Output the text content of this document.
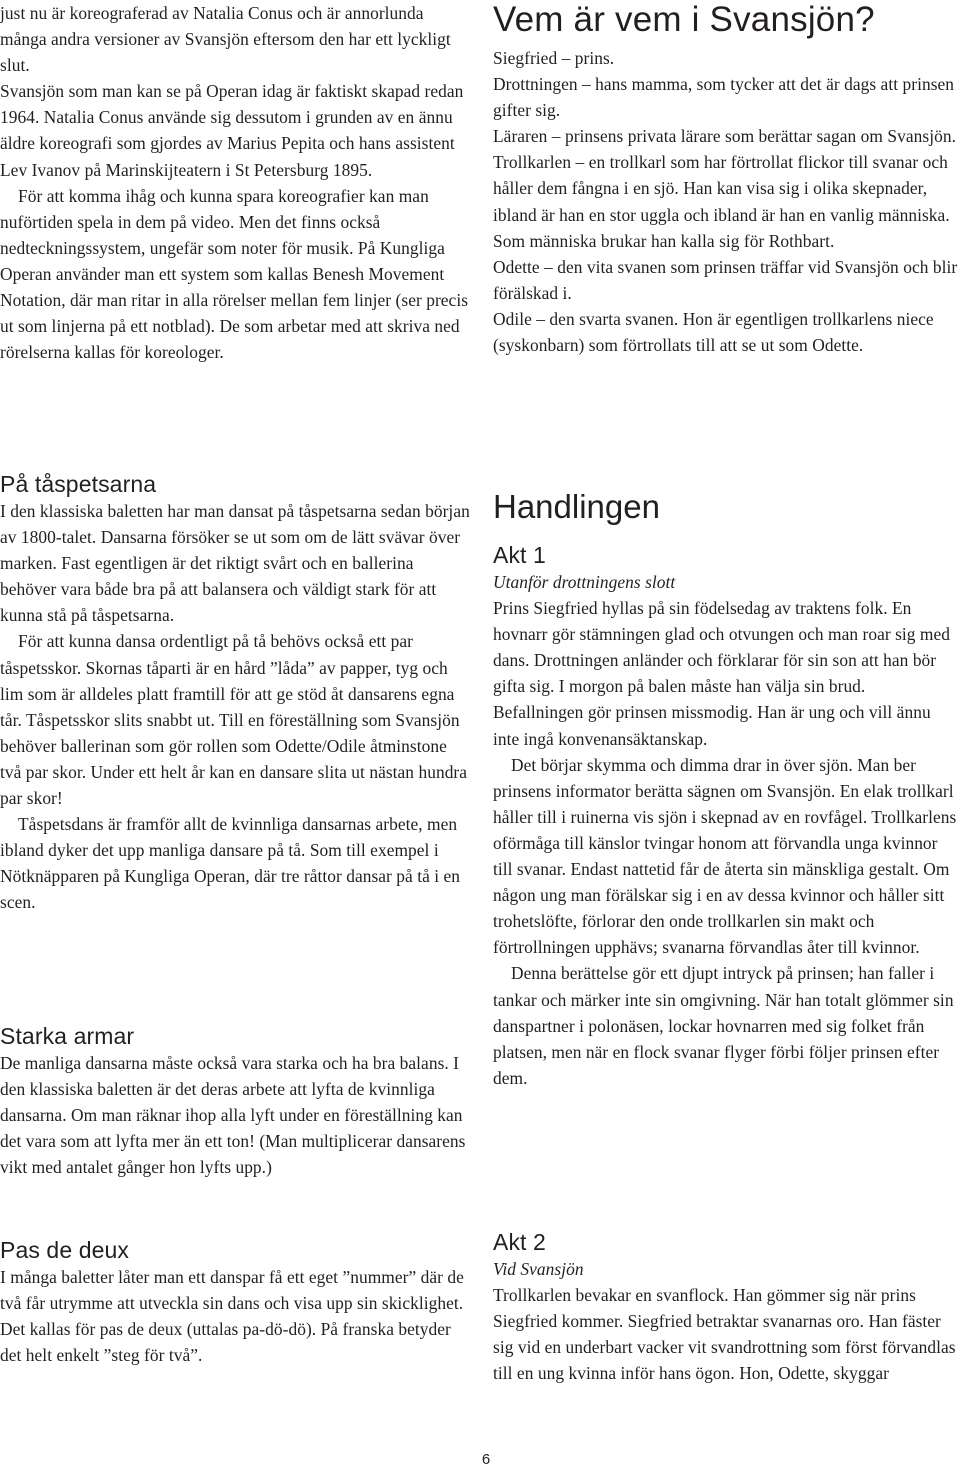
just nu är koreograferad av Natalia Conus och är annorlunda många andra versioner av Svansjön eftersom den har ett lyckligt slut.

Svansjön som man kan se på Operan idag är faktiskt skapad redan 1964. Natalia Conus använde sig dessutom i grunden av en ännu äldre koreografi som gjordes av Marius Pepita och hans assistent Lev Ivanov på Marinskijteatern i St Petersburg 1895.

För att komma ihåg och kunna spara koreografier kan man nuförtiden spela in dem på video. Men det finns också nedteckningssystem, ungefär som noter för musik. På Kungliga Operan använder man ett system som kallas Benesh Movement Notation, där man ritar in alla rörelser mellan fem linjer (ser precis ut som linjerna på ett notblad). De som arbetar med att skriva ned rörelserna kallas för koreologer.

På tåspetsarna

I den klassiska baletten har man dansat på tåspetsarna sedan början av 1800-talet. Dansarna försöker se ut som om de lätt svävar över marken. Fast egentligen är det riktigt svårt och en ballerina behöver vara både bra på att balansera och väldigt stark för att kunna stå på tåspetsarna.

För att kunna dansa ordentligt på tå behövs också ett par tåspetsskor. Skornas tåparti är en hård ”låda” av papper, tyg och lim som är alldeles platt framtill för att ge stöd åt dansarens egna tår. Tåspetsskor slits snabbt ut. Till en föreställning som Svansjön behöver ballerinan som gör rollen som Odette/Odile åtminstone två par skor. Under ett helt år kan en dansare slita ut nästan hundra par skor!

Tåspetsdans är framför allt de kvinnliga dansarnas arbete, men ibland dyker det upp manliga dansare på tå. Som till exempel i Nötknäpparen på Kungliga Operan, där tre råttor dansar på tå i en scen.

Starka armar

De manliga dansarna måste också vara starka och ha bra balans. I den klassiska baletten är det deras arbete att lyfta de kvinnliga dansarna. Om man räknar ihop alla lyft under en föreställning kan det vara som att lyfta mer än ett ton! (Man multiplicerar dansarens vikt med antalet gånger hon lyfts upp.)

Pas de deux

I många baletter låter man ett danspar få ett eget ”nummer” där de två får utrymme att utveckla sin dans och visa upp sin skicklighet. Det kallas för pas de deux (uttalas pa-dö-dö). På franska betyder det helt enkelt ”steg för två”.

Vem är vem i Svansjön?

Siegfried – prins.

Drottningen – hans mamma, som tycker att det är dags att prinsen gifter sig.

Läraren – prinsens privata lärare som berättar sagan om Svansjön.

Trollkarlen – en trollkarl som har förtrollat flickor till svanar och håller dem fångna i en sjö. Han kan visa sig i olika skepnader, ibland är han en stor uggla och ibland är han en vanlig människa. Som människa brukar han kalla sig för Rothbart.

Odette – den vita svanen som prinsen träffar vid Svansjön och blir förälskad i.

Odile – den svarta svanen. Hon är egentligen trollkarlens niece (syskonbarn) som förtrollats till att se ut som Odette.

Handlingen
Akt 1

Utanför drottningens slott

Prins Siegfried hyllas på sin födelsedag av traktens folk. En hovnarr gör stämningen glad och otvungen och man roar sig med dans. Drottningen anländer och förklarar för sin son att han bör gifta sig. I morgon på balen måste han välja sin brud. Befallningen gör prinsen missmodig. Han är ung och vill ännu inte ingå konvenansäktanskap.

Det börjar skymma och dimma drar in över sjön. Man ber prinsens informator berätta sägnen om Svansjön. En elak trollkarl håller till i ruinerna vis sjön i skepnad av en rovfågel. Trollkarlens oförmåga till känslor tvingar honom att förvandla unga kvinnor till svanar. Endast nattetid får de återta sin mänskliga gestalt. Om någon ung man förälskar sig i en av dessa kvinnor och håller sitt trohetslöfte, förlorar den onde trollkarlen sin makt och förtrollningen upphävs; svanarna förvandlas åter till kvinnor.

Denna berättelse gör ett djupt intryck på prinsen; han faller i tankar och märker inte sin omgivning. När han totalt glömmer sin danspartner i polonäsen, lockar hovnarren med sig folket från platsen, men när en flock svanar flyger förbi följer prinsen efter dem.

Akt 2

Vid Svansjön

Trollkarlen bevakar en svanflock. Han gömmer sig när prins Siegfried kommer. Siegfried betraktar svanarnas oro. Han fäster sig vid en underbart vacker vit svandrottning som först förvandlas till en ung kvinna inför hans ögon. Hon, Odette, skyggar

6
